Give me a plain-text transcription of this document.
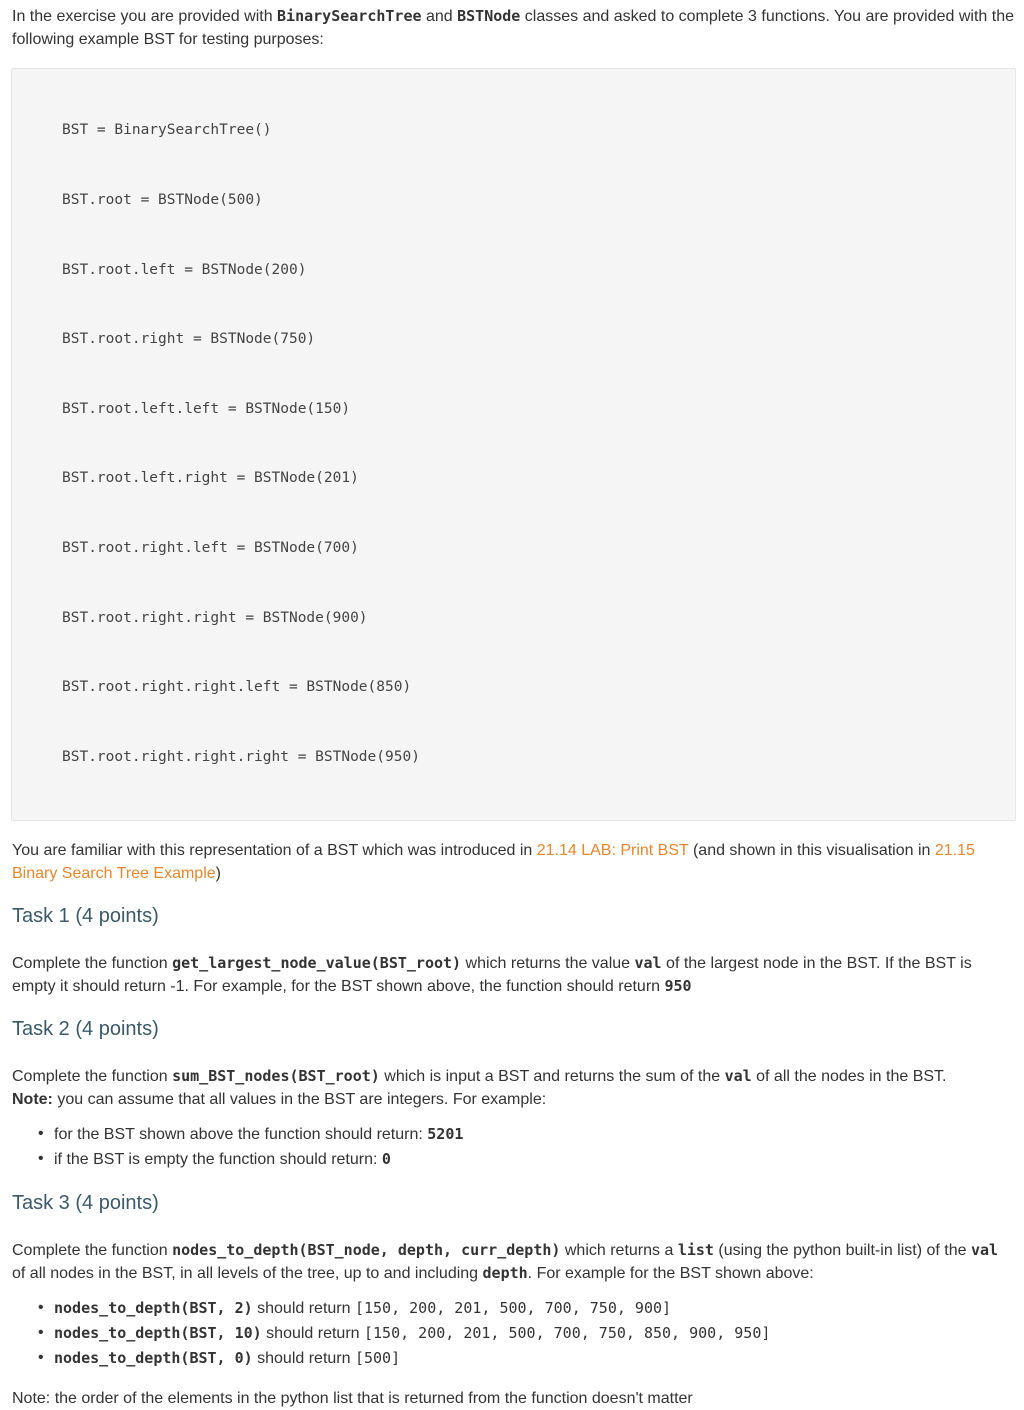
In the exercise you are provided with BinarySearchTree and BSTNode classes and asked to complete 3 functions. You are provided with the following example BST for testing purposes:

BST = BinarySearchTree()

BST.root = BSTNode(500)

BST.root.left = BSTNode(200)

BST.root.right = BSTNode(750)

BST.root.left.left = BSTNode(150)

BST.root.left.right = BSTNode(201)

BST.root.right.left = BSTNode(700)

BST.root.right.right = BSTNode(900)

BST.root.right.right.left = BSTNode(850)

BST.root.right.right.right = BSTNode(950)

You are familiar with this representation of a BST which was introduced in 21.14 LAB: Print BST (and shown in this visualisation in 21.15 Binary Search Tree Example)

Task 1 (4 points)

Complete the function get_largest_node_value(BST_root) which returns the value val of the largest node in the BST. If the BST is empty it should return -1. For example, for the BST shown above, the function should return 950

Task 2 (4 points)

Complete the function sum_BST_nodes(BST_root) which is input a BST and returns the sum of the val of all the nodes in the BST.
Note: you can assume that all values in the BST are integers. For example:

• for the BST shown above the function should return: 5201
• if the BST is empty the function should return: 0
Task 3 (4 points)

Complete the function nodes_to_depth(BST_node, depth, curr_depth) which returns a list (using the python built-in list) of the val of all nodes in the BST, in all levels of the tree, up to and including depth. For example for the BST shown above:

• nodes_to_depth(BST, 2) should return [150, 200, 201, 500, 700, 750, 900]
• nodes_to_depth(BST, 10) should return [150, 200, 201, 500, 700, 750, 850, 900, 950]
• nodes_to_depth(BST, 0) should return [500]

Note: the order of the elements in the python list that is returned from the function doesn't matter
